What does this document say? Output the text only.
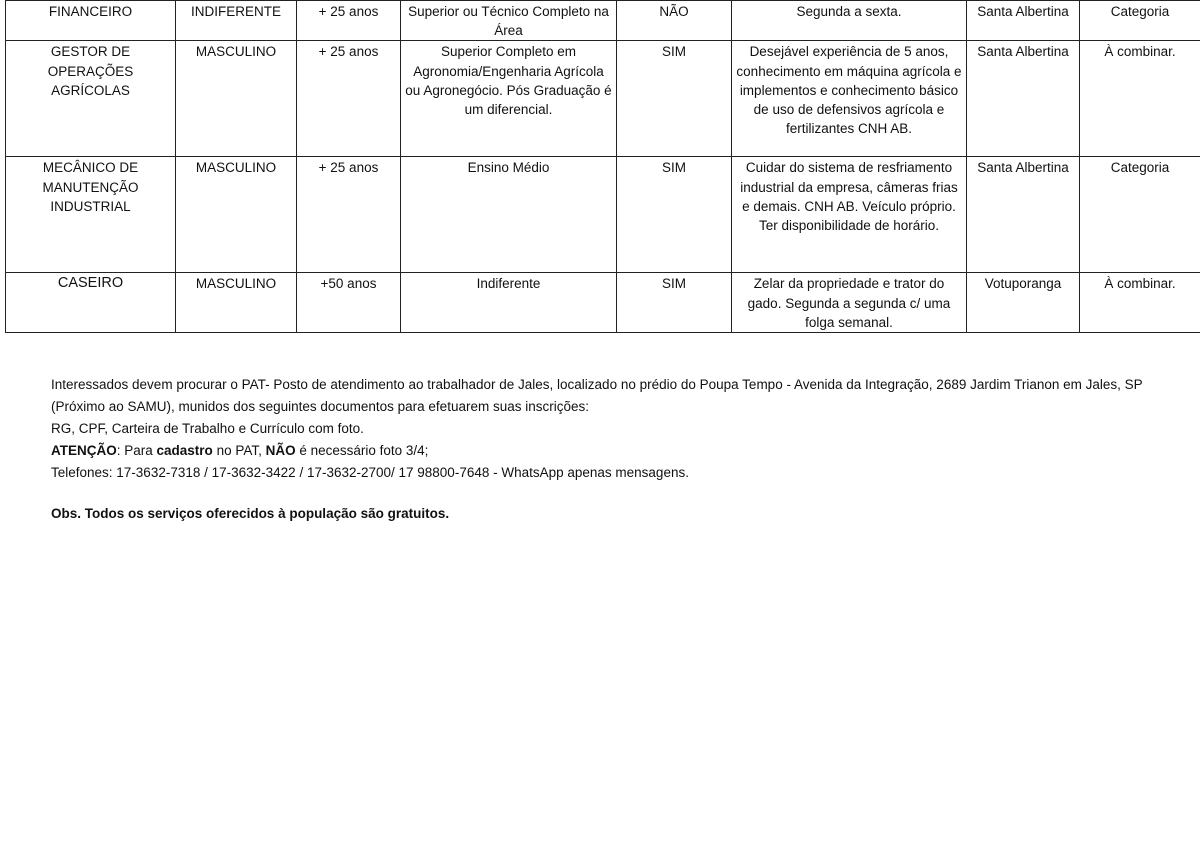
FINANCEIRO	INDIFERENTE	+ 25 anos	Superior ou Técnico Completo na Área	NÃO	Segunda a sexta.	Santa Albertina	Categoria
GESTOR DE OPERAÇÕES AGRÍCOLAS	MASCULINO	+ 25 anos	Superior Completo em Agronomia/Engenharia Agrícola ou Agronegócio. Pós Graduação é um diferencial.	SIM	Desejável experiência de 5 anos, conhecimento em máquina agrícola e implementos e conhecimento básico de uso de defensivos agrícola e fertilizantes CNH AB.	Santa Albertina	À combinar.
MECÂNICO DE MANUTENÇÃO INDUSTRIAL	MASCULINO	+ 25 anos	Ensino Médio	SIM	Cuidar do sistema de resfriamento industrial da empresa, câmeras frias e demais. CNH AB. Veículo próprio. Ter disponibilidade de horário.	Santa Albertina	Categoria
CASEIRO	MASCULINO	+50 anos	Indiferente	SIM	Zelar da propriedade e trator do gado. Segunda a segunda c/ uma folga semanal.	Votuporanga	À combinar.

Interessados devem procurar o PAT- Posto de atendimento ao trabalhador de Jales, localizado no prédio do Poupa Tempo - Avenida da Integração, 2689 Jardim Trianon em Jales, SP (Próximo ao SAMU), munidos dos seguintes documentos para efetuarem suas inscrições:

RG, CPF, Carteira de Trabalho e Currículo com foto.

ATENÇÃO: Para cadastro no PAT, NÃO é necessário foto 3/4;

Telefones: 17-3632-7318 / 17-3632-3422 / 17-3632-2700/ 17 98800-7648 - WhatsApp apenas mensagens.

Obs. Todos os serviços oferecidos à população são gratuitos.
